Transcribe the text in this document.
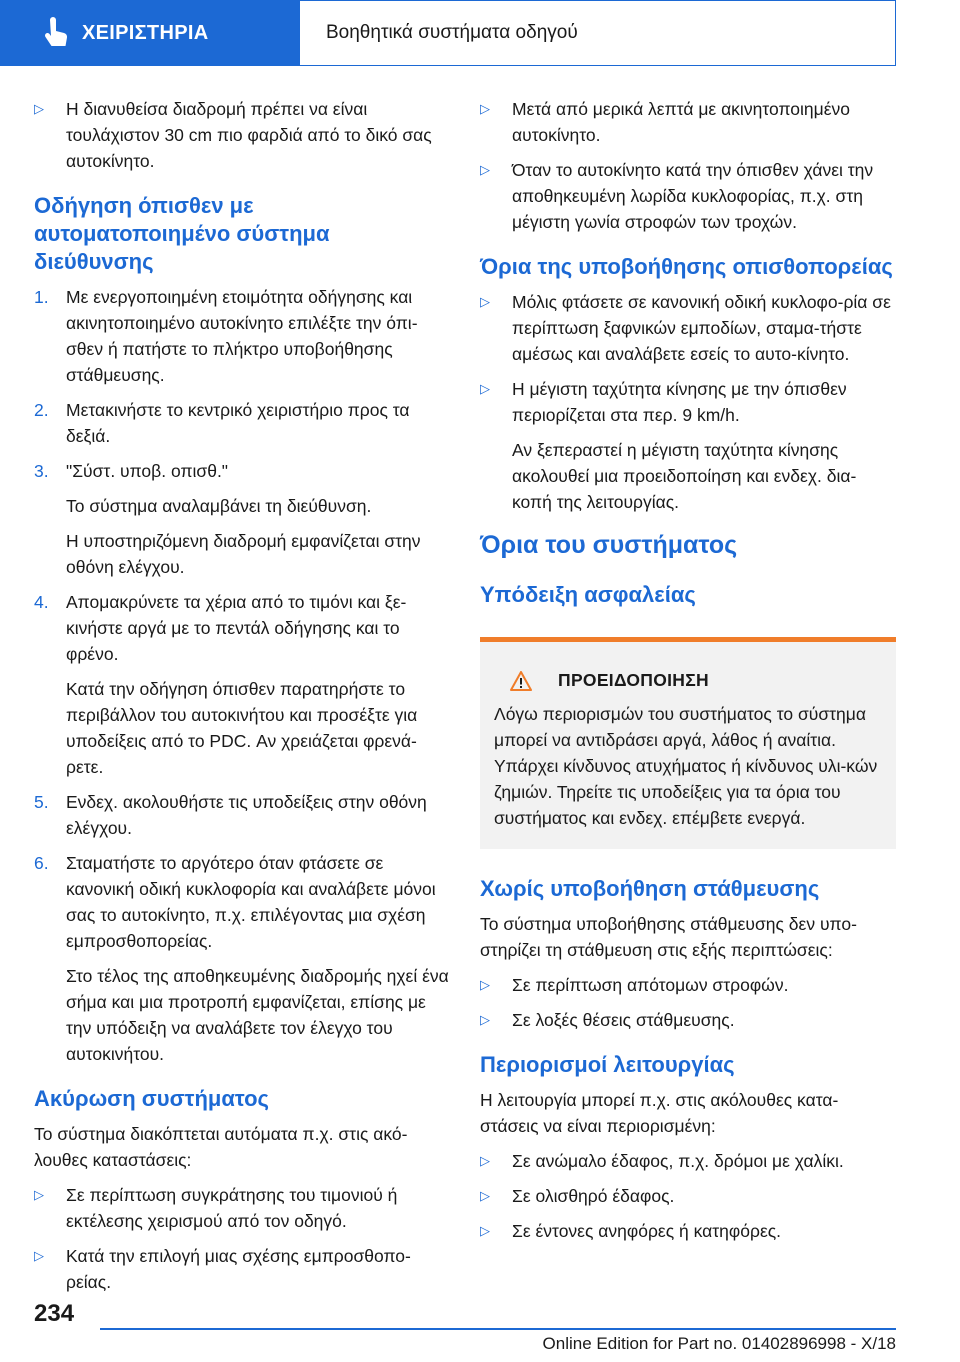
ΧΕΙΡΙΣΤΗΡΙΑ	Βοηθητικά συστήματα οδηγού
▷	Η διανυθείσα διαδρομή πρέπει να είναι τουλάχιστον 30 cm πιο φαρδιά από το δικό σας αυτοκίνητο.
Οδήγηση όπισθεν με αυτοματοποιημένο σύστημα διεύθυνσης
1. Με ενεργοποιημένη ετοιμότητα οδήγησης και ακινητοποιημένο αυτοκίνητο επιλέξτε την όπι-σθεν ή πατήστε το πλήκτρο υποβοήθησης στάθμευσης.
2. Μετακινήστε το κεντρικό χειριστήριο προς τα δεξιά.
3. "Σύστ. υποβ. οπισθ."
Το σύστημα αναλαμβάνει τη διεύθυνση.
Η υποστηριζόμενη διαδρομή εμφανίζεται στην οθόνη ελέγχου.
4. Απομακρύνετε τα χέρια από το τιμόνι και ξε-κινήστε αργά με το πεντάλ οδήγησης και το φρένο.
Κατά την οδήγηση όπισθεν παρατηρήστε το περιβάλλον του αυτοκινήτου και προσέξτε για υποδείξεις από το PDC. Αν χρειάζεται φρενά-ρετε.
5. Ενδεχ. ακολουθήστε τις υποδείξεις στην οθόνη ελέγχου.
6. Σταματήστε το αργότερο όταν φτάσετε σε κανονική οδική κυκλοφορία και αναλάβετε μόνοι σας το αυτοκίνητο, π.χ. επιλέγοντας μια σχέση εμπροσθοπορείας.
Στο τέλος της αποθηκευμένης διαδρομής ηχεί ένα σήμα και μια προτροπή εμφανίζεται, επίσης με την υπόδειξη να αναλάβετε τον έλεγχο του αυτοκινήτου.
Ακύρωση συστήματος

Το σύστημα διακόπτεται αυτόματα π.χ. στις ακό-λουθες καταστάσεις:

▷	Σε περίπτωση συγκράτησης του τιμονιού ή εκτέλεσης χειρισμού από τον οδηγό.
▷	Κατά την επιλογή μιας σχέσης εμπροσθοπο-ρείας.
▷	Μετά από μερικά λεπτά με ακινητοποιημένο αυτοκίνητο.
▷	Όταν το αυτοκίνητο κατά την όπισθεν χάνει την αποθηκευμένη λωρίδα κυκλοφορίας, π.χ. στη μέγιστη γωνία στροφών των τροχών.
Όρια της υποβοήθησης οπισθοπορείας
▷	Μόλις φτάσετε σε κανονική οδική κυκλοφο-ρία σε περίπτωση ξαφνικών εμποδίων, σταμα-τήστε αμέσως και αναλάβετε εσείς το αυτο-κίνητο.
▷	Η μέγιστη ταχύτητα κίνησης με την όπισθεν περιορίζεται στα περ. 9 km/h.
Αν ξεπεραστεί η μέγιστη ταχύτητα κίνησης ακολουθεί μια προειδοποίηση και ενδεχ. δια-κοπή της λειτουργίας.
Όρια του συστήματος
Υπόδειξη ασφαλείας
ΠΡΟΕΙΔΟΠΟΙΗΣΗ

Λόγω περιορισμών του συστήματος το σύστημα μπορεί να αντιδράσει αργά, λάθος ή αναίτια. Υπάρχει κίνδυνος ατυχήματος ή κίνδυνος υλι-κών ζημιών. Τηρείτε τις υποδείξεις για τα όρια του συστήματος και ενδεχ. επέμβετε ενεργά.

Χωρίς υποβοήθηση στάθμευσης

Το σύστημα υποβοήθησης στάθμευσης δεν υπο-στηρίζει τη στάθμευση στις εξής περιπτώσεις:

▷	Σε περίπτωση απότομων στροφών.
▷	Σε λοξές θέσεις στάθμευσης.
Περιορισμοί λειτουργίας

Η λειτουργία μπορεί π.χ. στις ακόλουθες κατα-στάσεις να είναι περιορισμένη:

▷	Σε ανώμαλο έδαφος, π.χ. δρόμοι με χαλίκι.
▷	Σε ολισθηρό έδαφος.
▷	Σε έντονες ανηφόρες ή κατηφόρες.
234
Online Edition for Part no. 01402896998 - X/18
